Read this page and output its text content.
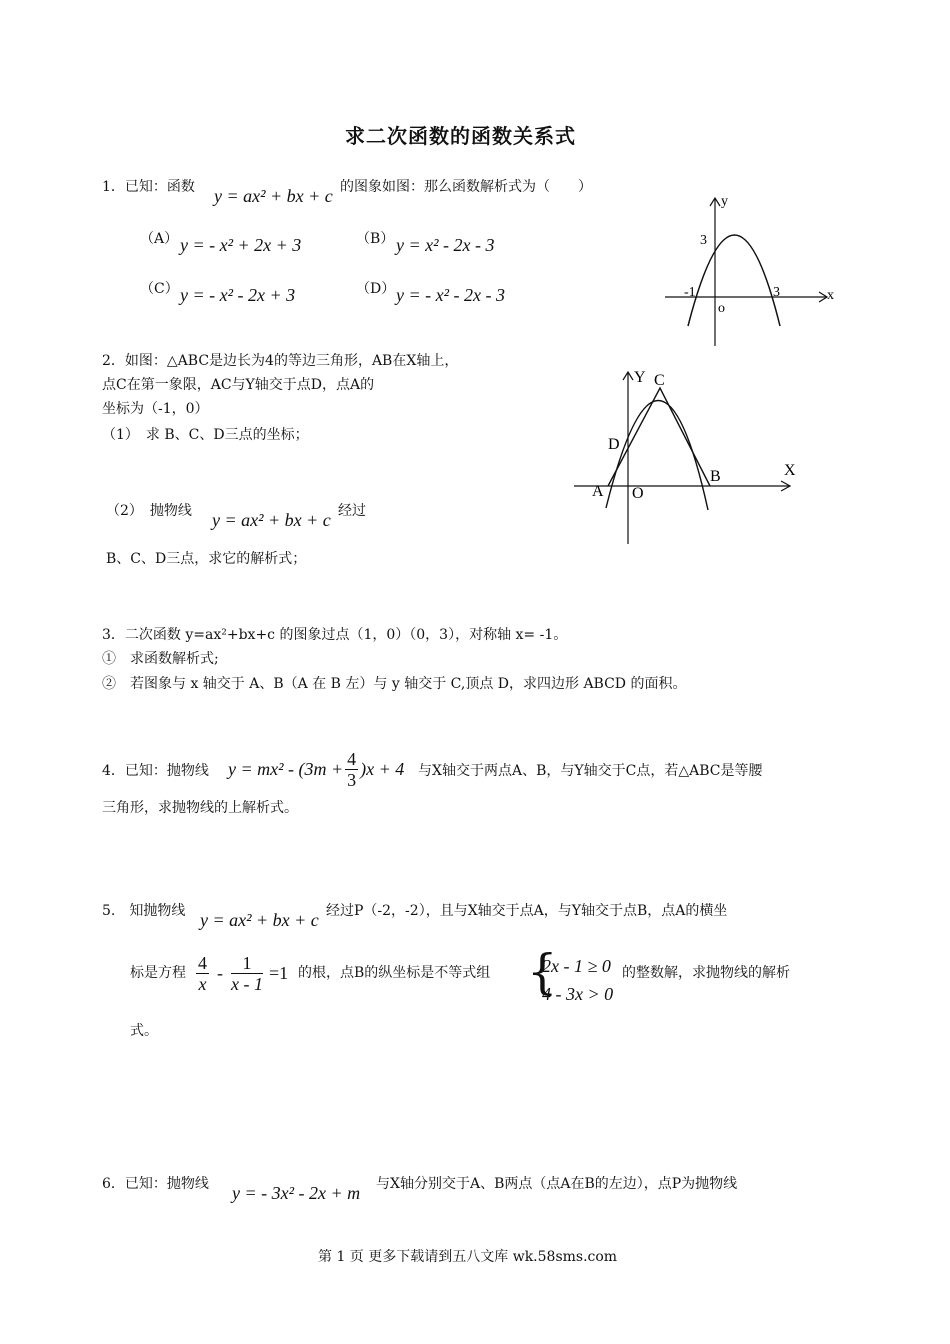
求二次函数的函数关系式
1．已知：函数 y = ax² + bx + c 的图象如图：那么函数解析式为（　　）
（A） y = - x² + 2x + 3	（B） y = x² - 2x - 3
（C） y = - x² - 2x + 3	（D） y = - x² - 2x - 3
y
x
3
-1	3
o
2．如图：△ABC是边长为4的等边三角形，AB在X轴上，
点C在第一象限，AC与Y轴交于点D，点A的
坐标为（-1，0）
（1）　求 B、C、D三点的坐标；
（2）　抛物线 y = ax² + bx + c 经过
B、C、D三点，求它的解析式；
Y
X
C
D
A O
B
3．二次函数 y=ax²+bx+c 的图象过点（1，0）（0，3），对称轴 x= -1。
①　求函数解析式;
②　若图象与 x 轴交于 A、B（A 在 B 左）与 y 轴交于 C,顶点 D，求四边形 ABCD 的面积。
4．已知：抛物线 $y = mx^2 - (3m + \frac{4}{3} )x + 4$ 与X轴交于两点A、B，与Y轴交于C点，若△ABC是等腰
三角形，求抛物线的上解析式。
5.　知抛物线 y = ax² + bx + c 经过P（-2，-2），且与X轴交于点A，与Y轴交于点B，点A的横坐
标是方程 $\frac{4}{x} - \frac{1}{x - 1} =1$ 的根，点B的纵坐标是不等式组 {
2x - 1 ≥ 0
4 - 3x > 0
的整数解，求抛物线的解析
式。
6．已知：抛物线 y = - 3x² - 2x + m 与X轴分别交于A、B两点（点A在B的左边），点P为抛物线
第 1 页 更多下载请到五八文库 wk.58sms.com
